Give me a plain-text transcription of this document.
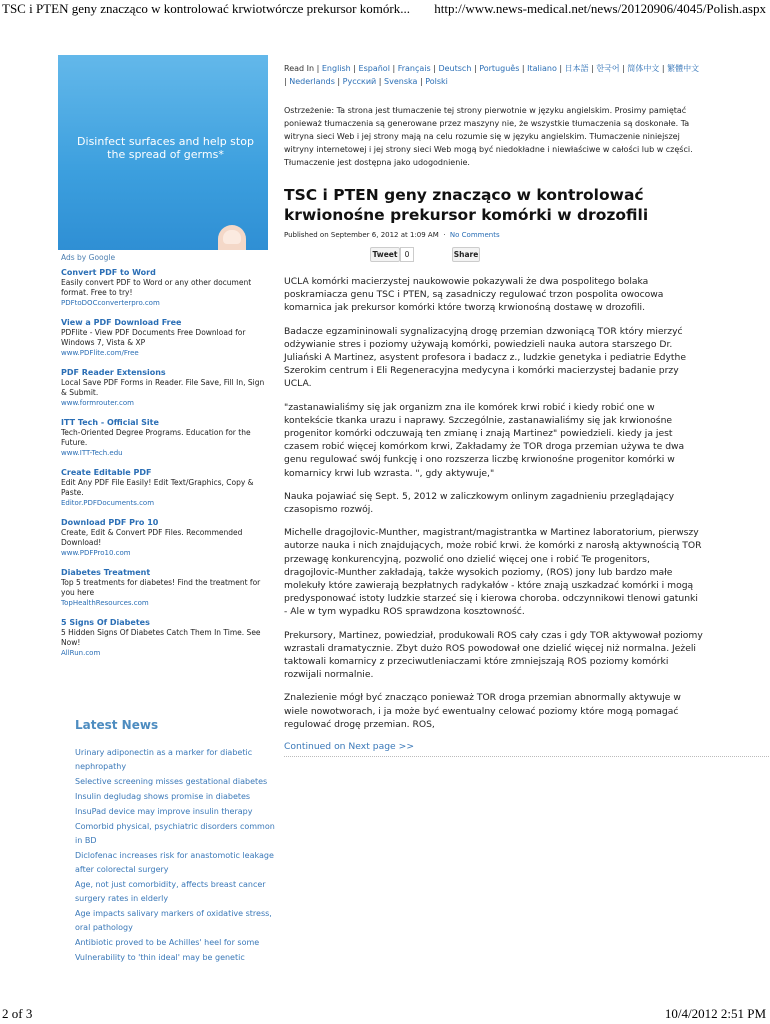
TSC i PTEN geny znacząco w kontrolować krwiotwórcze prekursor komórk... http://www.news-medical.net/news/20120906/4045/Polish.aspx
Disinfect surfaces and help stop the spread of germs*
Ads by Google
Convert PDF to Word
Easily convert PDF to Word or any other document format. Free to try!
PDFtoDOCconverterpro.com
View a PDF Download Free
PDFlite - View PDF Documents Free Download for Windows 7, Vista & XP
www.PDFlite.com/Free
PDF Reader Extensions
Local Save PDF Forms in Reader. File Save, Fill In, Sign & Submit.
www.formrouter.com
ITT Tech - Official Site
Tech-Oriented Degree Programs. Education for the Future.
www.ITT-Tech.edu
Create Editable PDF
Edit Any PDF File Easily! Edit Text/Graphics, Copy & Paste.
Editor.PDFDocuments.com
Download PDF Pro 10
Create, Edit & Convert PDF Files. Recommended Download!
www.PDFPro10.com
Diabetes Treatment
Top 5 treatments for diabetes! Find the treatment for you here
TopHealthResources.com
5 Signs Of Diabetes
5 Hidden Signs Of Diabetes Catch Them In Time. See Now!
AllRun.com
Latest News
Urinary adiponectin as a marker for diabetic nephropathy
Selective screening misses gestational diabetes
Insulin degludag shows promise in diabetes
InsuPad device may improve insulin therapy
Comorbid physical, psychiatric disorders common in BD
Diclofenac increases risk for anastomotic leakage after colorectal surgery
Age, not just comorbidity, affects breast cancer surgery rates in elderly
Age impacts salivary markers of oxidative stress, oral pathology
Antibiotic proved to be Achilles' heel for some
Vulnerability to 'thin ideal' may be genetic
Read In | English | Español | Français | Deutsch | Português | Italiano | 日本語 | 한국어 | 简体中文 | 繁體中文 | Nederlands | Русский | Svenska | Polski
Ostrzeżenie: Ta strona jest tłumaczenie tej strony pierwotnie w języku angielskim. Prosimy pamiętać ponieważ tłumaczenia są generowane przez maszyny nie, że wszystkie tłumaczenia są doskonałe. Ta witryna sieci Web i jej strony mają na celu rozumie się w języku angielskim. Tłumaczenie niniejszej witryny internetowej i jej strony sieci Web mogą być niedokładne i niewłaściwe w całości lub w części. Tłumaczenie jest dostępna jako udogodnienie.
TSC i PTEN geny znacząco w kontrolować krwionośne prekursor komórki w drozofili
Published on September 6, 2012 at 1:09 AM · No Comments
Tweet 0	Share

UCLA komórki macierzystej naukowowie pokazywali że dwa pospolitego bolaka poskramiacza genu TSC i PTEN, są zasadniczy regulować trzon pospolita owocowa komarnica jak prekursor komórki które tworzą krwionośną dostawę w drozofili.

Badacze egzamininowali sygnalizacyjną drogę przemian dzwoniącą TOR który mierzyć odżywianie stres i poziomy używają komórki, powiedzieli nauka autora starszego Dr. Juliański A Martinez, asystent profesora i badacz z., ludzkie genetyka i pediatrie Edythe Szerokim centrum i Eli Regeneracyjna medycyna i komórki macierzystej badanie przy UCLA.

"zastanawialiśmy się jak organizm zna ile komórek krwi robić i kiedy robić one w kontekście tkanka urazu i naprawy. Szczególnie, zastanawialiśmy się jak krwionośne progenitor komórki odczuwają ten zmianę i znają Martinez" powiedzieli. kiedy ja jest czasem robić więcej komórkom krwi, Zakładamy że TOR droga przemian używa te dwa genu regulować swój funkcję i ono rozszerza liczbę krwionośne progenitor komórki w komarnicy krwi lub wzrasta. ", gdy aktywuje,"

Nauka pojawiać się Sept. 5, 2012 w zaliczkowym onlinym zagadnieniu przeglądający czasopismo rozwój.

Michelle dragojlovic-Munther, magistrant/magistrantka w Martinez laboratorium, pierwszy autorze nauka i nich znajdujących, może robić krwi. że komórki z narosłą aktywnością TOR przewagę konkurencyjną, pozwolić ono dzielić więcej one i robić Te progenitors, dragojlovic-Munther zakładają, także wysokich poziomy, (ROS) jony lub bardzo małe molekuły które zawierają bezpłatnych radykałów - które znają uszkadzać komórki i mogą predysponować istoty ludzkie starzeć się i kierowa choroba. odczynnikowi tlenowi gatunki - Ale w tym wypadku ROS sprawdzona kosztowność.

Prekursory, Martinez, powiedział, produkowali ROS cały czas i gdy TOR aktywował poziomy wzrastali dramatycznie. Zbyt dużo ROS powodował one dzielić więcej niż normalna. Jeżeli taktowali komarnicy z przeciwutleniaczami które zmniejszają ROS poziomy komórki rozwijali normalnie.

Znalezienie mógł być znacząco ponieważ TOR droga przemian abnormally aktywuje w wiele nowotworach, i ja może być ewentualny celować poziomy które mogą pomagać regulować drogę przemian. ROS,

Continued on Next page >>
2 of 3	10/4/2012 2:51 PM
